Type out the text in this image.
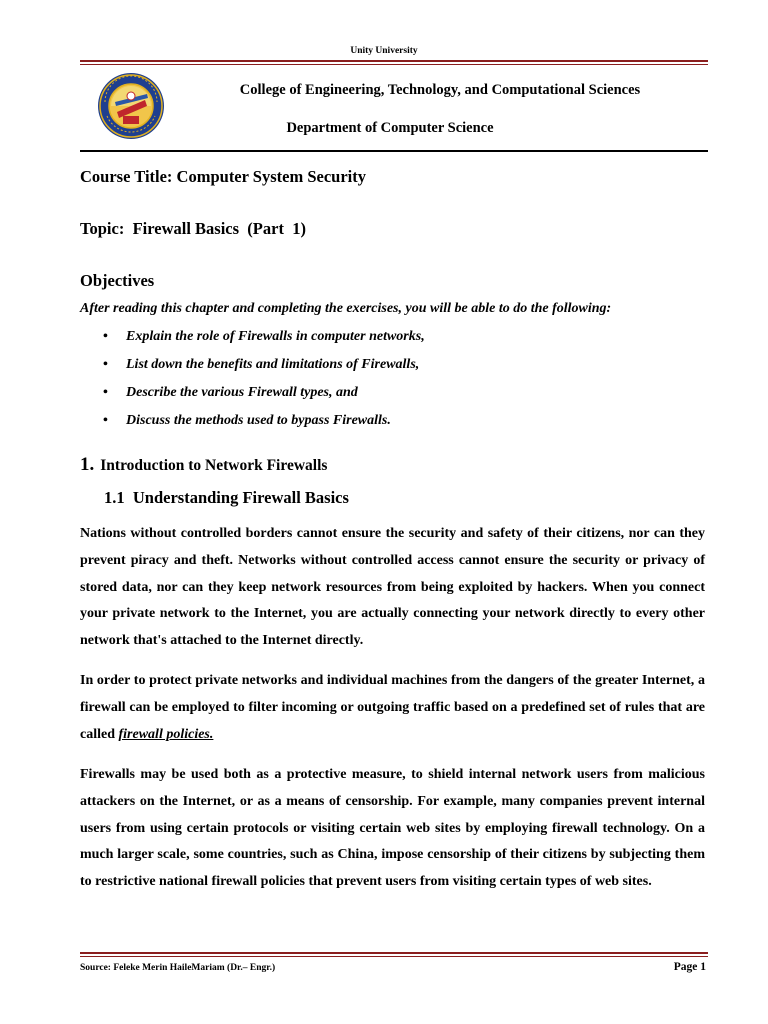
Unity University
College of Engineering, Technology, and Computational Sciences
Department of Computer Science
Course Title: Computer System Security
Topic:  Firewall Basics  (Part  1)
Objectives
After reading this chapter and completing the exercises, you will be able to do the following:
• Explain the role of Firewalls in computer networks,
• List down the benefits and limitations of Firewalls,
• Describe the various Firewall types, and
• Discuss the methods used to bypass Firewalls.
1. Introduction to Network Firewalls
1.1  Understanding Firewall Basics

Nations without controlled borders cannot ensure the security and safety of their citizens, nor can they prevent piracy and theft. Networks without controlled access cannot ensure the security or privacy of stored data, nor can they keep network resources from being exploited by hackers. When you connect your private network to the Internet, you are actually connecting your network directly to every other network that's attached to the Internet directly.

In order to protect private networks and individual machines from the dangers of the greater Internet, a firewall can be employed to filter incoming or outgoing traffic based on a predefined set of rules that are called firewall policies.

Firewalls may be used both as a protective measure, to shield internal network users from malicious attackers on the Internet, or as a means of censorship. For example, many companies prevent internal users from using certain protocols or visiting certain web sites by employing firewall technology. On a much larger scale, some countries, such as China, impose censorship of their citizens by subjecting them to restrictive national firewall policies that prevent users from visiting certain types of web sites.

Source: Feleke Merin HaileMariam (Dr.– Engr.)	Page 1
